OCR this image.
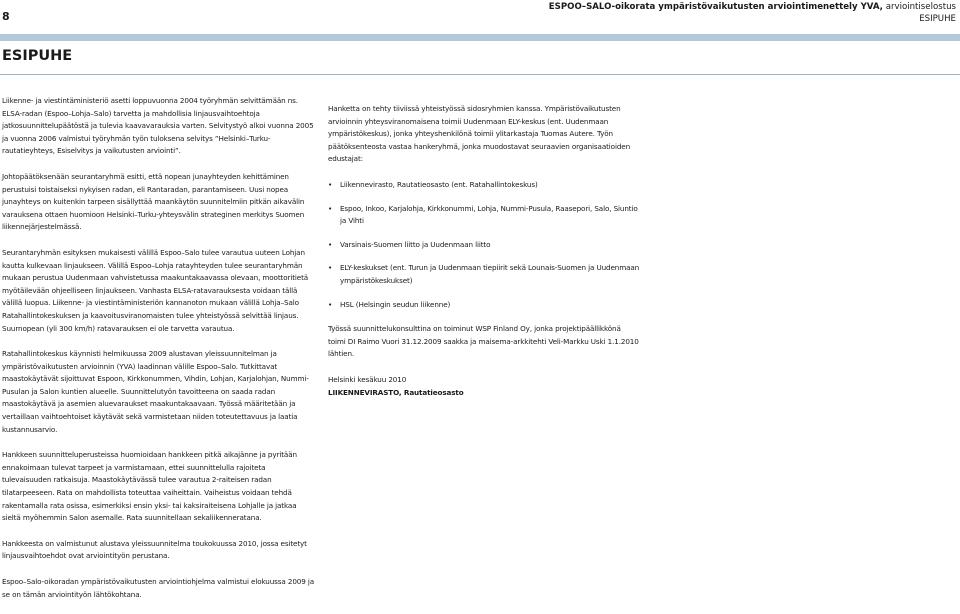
8
ESPOO–SALO-oikorata ympäristövaikutusten arviointimenettely YVA, arviointiselostus
ESIPUHE
ESIPUHE

Liikenne- ja viestintäministeriö asetti loppuvuonna 2004 työryhmän selvittämään ns. ELSA-radan (Espoo–Lohja–Salo) tarvetta ja mahdollisia linjausvaihtoehtoja jatkosuunnittelupäätöstä ja tulevia kaavavarauksia varten. Selvitystyö alkoi vuonna 2005 ja vuonna 2006 valmistui työryhmän työn tuloksena selvitys ”Helsinki–Turku-rautatieyhteys, Esiselvitys ja vaikutusten arviointi”.

Johtopäätöksenään seurantaryhmä esitti, että nopean junayhteyden kehittäminen perustuisi toistaiseksi nykyisen radan, eli Rantaradan, parantamiseen. Uusi nopea junayhteys on kuitenkin tarpeen sisällyttää maankäytön suunnitelmiin pitkän aikavälin varauksena ottaen huomioon Helsinki–Turku-yhteysvälin strateginen merkitys Suomen liikennejärjestelmässä.

Seurantaryhmän esityksen mukaisesti välillä Espoo–Salo tulee varautua uuteen Lohjan kautta kulkevaan linjaukseen. Välillä Espoo–Lohja ratayhteyden tulee seurantaryhmän mukaan perustua Uudenmaan vahvistetussa maakuntakaavassa olevaan, moottoritietä myötäilevään ohjeelliseen linjaukseen. Vanhasta ELSA-ratavarauksesta voidaan tällä välillä luopua. Liikenne- ja viestintäministeriön kannanoton mukaan välillä Lohja–Salo Ratahallintokeskuksen ja kaavoitusviranomaisten tulee yhteistyössä selvittää linjaus. Suurnopean (yli 300 km/h) ratavarauksen ei ole tarvetta varautua.

Ratahallintokeskus käynnisti helmikuussa 2009 alustavan yleissuunnitelman ja ympäristövaikutusten arvioinnin (YVA) laadinnan välille Espoo–Salo. Tutkittavat maastokäytävät sijoittuvat Espoon, Kirkkonummen, Vihdin, Lohjan, Karjalohjan, Nummi-Pusulan ja Salon kuntien alueelle. Suunnittelutyön tavoitteena on saada radan maastokäytävä ja asemien aluevaraukset maakuntakaavaan. Työssä määritetään ja vertaillaan vaihtoehtoiset käytävät sekä varmistetaan niiden toteutettavuus ja laatia kustannusarvio.

Hankkeen suunnitteluperusteissa huomioidaan hankkeen pitkä aikajänne ja pyritään ennakoimaan tulevat tarpeet ja varmistamaan, ettei suunnittelulla rajoiteta tulevaisuuden ratkaisuja. Maastokäytävässä tulee varautua 2-raiteisen radan tilatarpeeseen. Rata on mahdollista toteuttaa vaiheittain. Vaiheistus voidaan tehdä rakentamalla rata osissa, esimerkiksi ensin yksi- tai kaksiraiteisena Lohjalle ja jatkaa sieltä myöhemmin Salon asemalle. Rata suunnitellaan sekaliikenneratana.

Hankkeesta on valmistunut alustava yleissuunnitelma toukokuussa 2010, jossa esitetyt linjausvaihtoehdot ovat arviointityön perustana.

Espoo–Salo-oikoradan ympäristövaikutusten arviointiohjelma valmistui elokuussa 2009 ja se on tämän arviointityön lähtökohtana.

Hanketta on tehty tiiviissä yhteistyössä sidosryhmien kanssa. Ympäristövaikutusten arvioinnin yhteysviranomaisena toimii Uudenmaan ELY-keskus (ent. Uudenmaan ympäristökeskus), jonka yhteyshenkilönä toimii ylitarkastaja Tuomas Autere. Työn päätöksenteosta vastaa hankeryhmä, jonka muodostavat seuraavien organisaatioiden edustajat:

• Liikennevirasto, Rautatieosasto (ent. Ratahallintokeskus)
• Espoo, Inkoo, Karjalohja, Kirkkonummi, Lohja, Nummi-Pusula, Raasepori, Salo, Siuntio ja Vihti
• Varsinais-Suomen liitto ja Uudenmaan liitto
• ELY-keskukset (ent. Turun ja Uudenmaan tiepiirit sekä Lounais-Suomen ja Uudenmaan ympäristökeskukset)
• HSL (Helsingin seudun liikenne)

Työssä suunnittelukonsulttina on toiminut WSP Finland Oy, jonka projektipäällikkönä toimi DI Raimo Vuori 31.12.2009 saakka ja maisema-arkkitehti Veli-Markku Uski 1.1.2010 lähtien.

Helsinki kesäkuu 2010
LIIKENNEVIRASTO, Rautatieosasto
